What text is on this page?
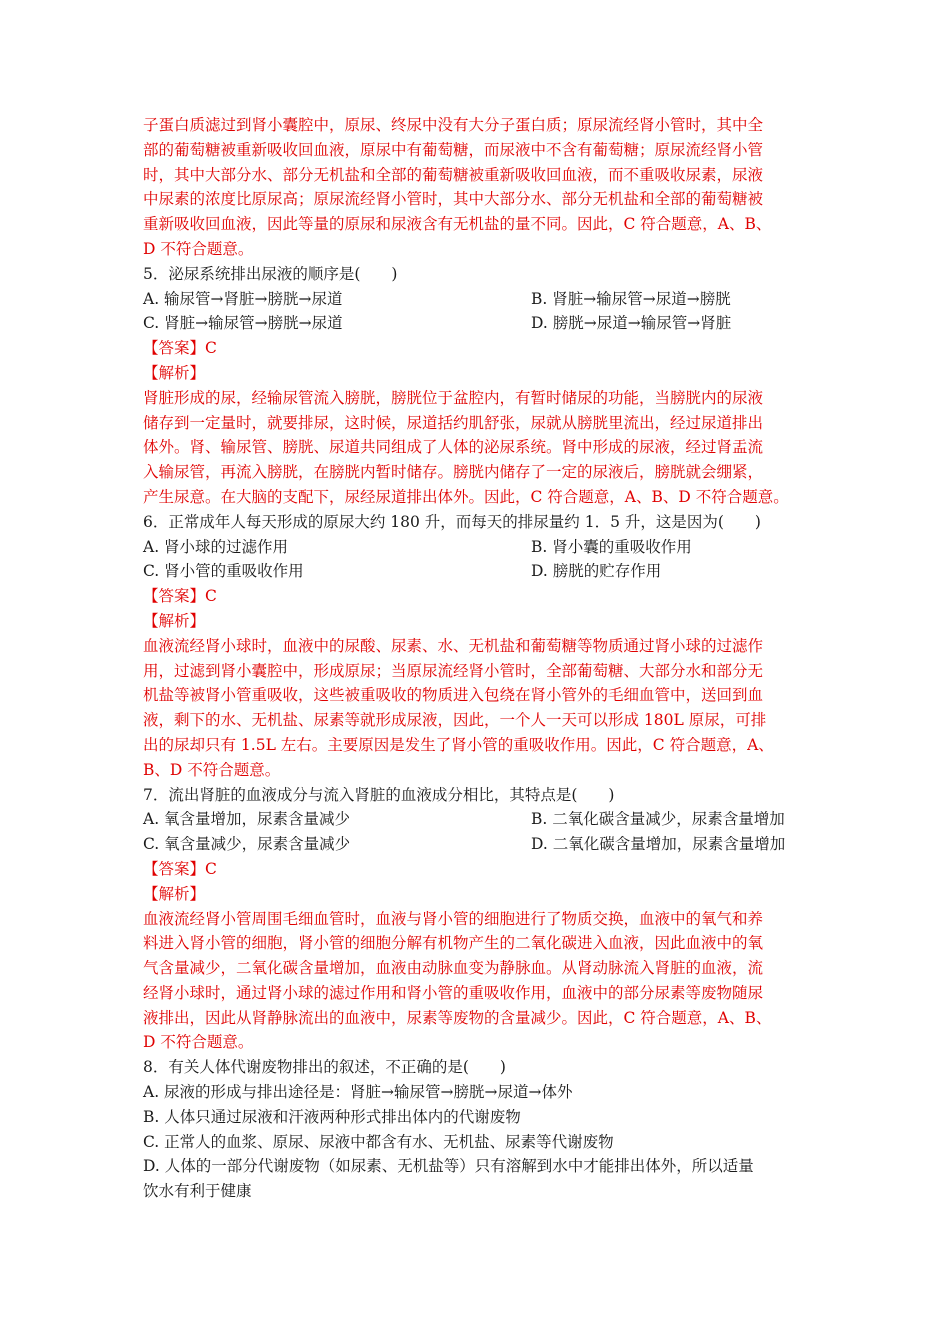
子蛋白质滤过到肾小囊腔中，原尿、终尿中没有大分子蛋白质；原尿流经肾小管时，其中全
部的葡萄糖被重新吸收回血液，原尿中有葡萄糖，而尿液中不含有葡萄糖；原尿流经肾小管
时，其中大部分水、部分无机盐和全部的葡萄糖被重新吸收回血液，而不重吸收尿素，尿液
中尿素的浓度比原尿高；原尿流经肾小管时，其中大部分水、部分无机盐和全部的葡萄糖被
重新吸收回血液，因此等量的原尿和尿液含有无机盐的量不同。因此，C 符合题意，A、B、
D 不符合题意。
5．泌尿系统排出尿液的顺序是(　　)
A. 输尿管→肾脏→膀胱→尿道	B. 肾脏→输尿管→尿道→膀胱
C. 肾脏→输尿管→膀胱→尿道	D. 膀胱→尿道→输尿管→肾脏
【答案】C
【解析】
肾脏形成的尿，经输尿管流入膀胱，膀胱位于盆腔内，有暂时储尿的功能，当膀胱内的尿液
储存到一定量时，就要排尿，这时候，尿道括约肌舒张，尿就从膀胱里流出，经过尿道排出
体外。肾、输尿管、膀胱、尿道共同组成了人体的泌尿系统。肾中形成的尿液，经过肾盂流
入输尿管，再流入膀胱，在膀胱内暂时储存。膀胱内储存了一定的尿液后，膀胱就会绷紧，
产生尿意。在大脑的支配下，尿经尿道排出体外。因此，C 符合题意，A、B、D 不符合题意。
6．正常成年人每天形成的原尿大约 180 升，而每天的排尿量约 1．5 升，这是因为(　　)
A. 肾小球的过滤作用	B. 肾小囊的重吸收作用
C. 肾小管的重吸收作用	D. 膀胱的贮存作用
【答案】C
【解析】
血液流经肾小球时，血液中的尿酸、尿素、水、无机盐和葡萄糖等物质通过肾小球的过滤作
用，过滤到肾小囊腔中，形成原尿；当原尿流经肾小管时，全部葡萄糖、大部分水和部分无
机盐等被肾小管重吸收，这些被重吸收的物质进入包绕在肾小管外的毛细血管中，送回到血
液，剩下的水、无机盐、尿素等就形成尿液，因此，一个人一天可以形成 180L 原尿，可排
出的尿却只有 1.5L 左右。主要原因是发生了肾小管的重吸收作用。因此，C 符合题意，A、
B、D 不符合题意。
7．流出肾脏的血液成分与流入肾脏的血液成分相比，其特点是(　　)
A. 氧含量增加，尿素含量减少	B. 二氧化碳含量减少，尿素含量增加
C. 氧含量减少，尿素含量减少	D. 二氧化碳含量增加，尿素含量增加
【答案】C
【解析】
血液流经肾小管周围毛细血管时，血液与肾小管的细胞进行了物质交换，血液中的氧气和养
料进入肾小管的细胞，肾小管的细胞分解有机物产生的二氧化碳进入血液，因此血液中的氧
气含量减少，二氧化碳含量增加，血液由动脉血变为静脉血。从肾动脉流入肾脏的血液，流
经肾小球时，通过肾小球的滤过作用和肾小管的重吸收作用，血液中的部分尿素等废物随尿
液排出，因此从肾静脉流出的血液中，尿素等废物的含量减少。因此，C 符合题意，A、B、
D 不符合题意。
8．有关人体代谢废物排出的叙述，不正确的是(　　)
A. 尿液的形成与排出途径是：肾脏→输尿管→膀胱→尿道→体外
B. 人体只通过尿液和汗液两种形式排出体内的代谢废物
C. 正常人的血浆、原尿、尿液中都含有水、无机盐、尿素等代谢废物
D. 人体的一部分代谢废物（如尿素、无机盐等）只有溶解到水中才能排出体外，所以适量
饮水有利于健康
